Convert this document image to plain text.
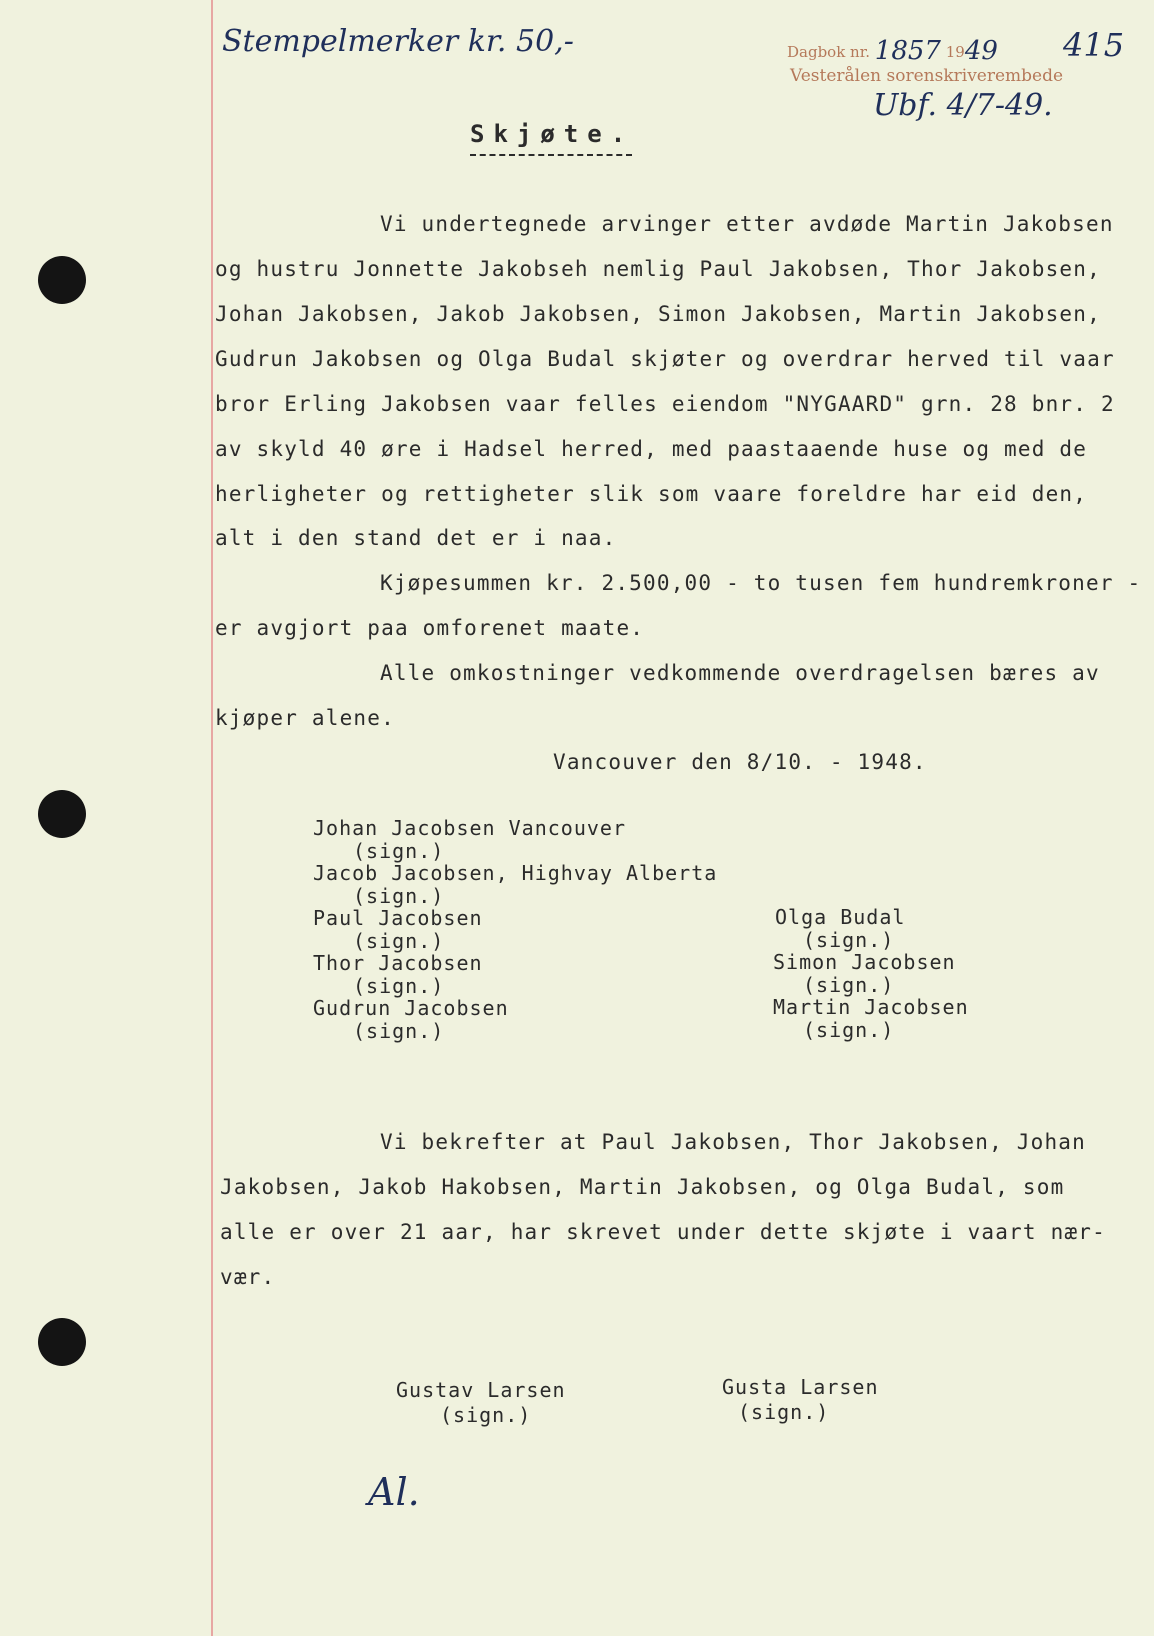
Stempelmerker kr. 50,-	Dagbok nr. 1857 1949
Vesterålen sorenskriverembede
415
Ubf. 4/7-49.
Skjøte.
Vi undertegnede arvinger etter avdøde Martin Jakobsen
og hustru Jonnette Jakobseh nemlig Paul Jakobsen, Thor Jakobsen,
Johan Jakobsen, Jakob Jakobsen, Simon Jakobsen, Martin Jakobsen,
Gudrun Jakobsen og Olga Budal skjøter og overdrar herved til vaar
bror Erling Jakobsen vaar felles eiendom "NYGAARD" grn. 28 bnr. 2
av skyld 40 øre i Hadsel herred, med paastaaende huse og med de
herligheter og rettigheter slik som vaare foreldre har eid den,
alt i den stand det er i naa.
Kjøpesummen kr. 2.500,00 - to tusen fem hundremkroner -
er avgjort paa omforenet maate.
Alle omkostninger vedkommende overdragelsen bæres av
kjøper alene.
Vancouver den 8/10. - 1948.
Johan Jacobsen Vancouver
(sign.)
Jacob Jacobsen, Highvay Alberta
(sign.)
Paul Jacobsen
(sign.)
Thor Jacobsen
(sign.)
Gudrun Jacobsen
(sign.)
Olga Budal
(sign.)
Simon Jacobsen
(sign.)
Martin Jacobsen
(sign.)
Vi bekrefter at Paul Jakobsen, Thor Jakobsen, Johan
Jakobsen, Jakob Hakobsen, Martin Jakobsen, og Olga Budal, som
alle er over 21 aar, har skrevet under dette skjøte i vaart nær-
vær.
Gustav Larsen
(sign.)
Gusta Larsen
(sign.)
Al.
